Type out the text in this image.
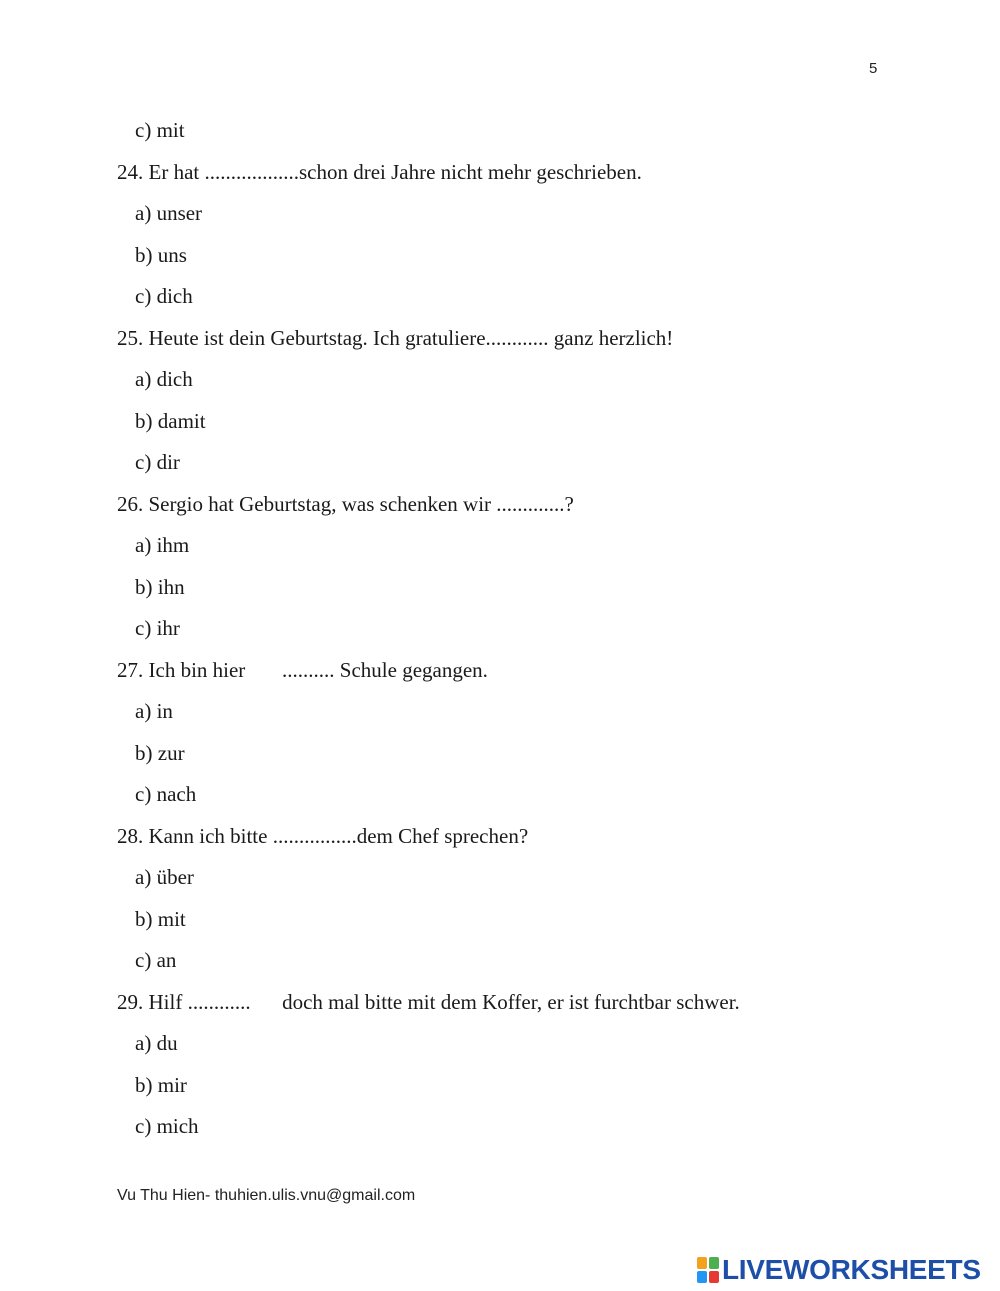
5
c) mit
24. Er hat ..................schon drei Jahre nicht mehr geschrieben.
a) unser
b) uns
c) dich
25. Heute ist dein Geburtstag. Ich gratuliere............ ganz herzlich!
a) dich
b) damit
c) dir
26. Sergio hat Geburtstag, was schenken wir .............?
a) ihm
b) ihn
c) ihr
27. Ich bin hier       .......... Schule gegangen.
a) in
b) zur
c) nach
28. Kann ich bitte ................dem Chef sprechen?
a) über
b) mit
c) an
29. Hilf ............      doch mal bitte mit dem Koffer, er ist furchtbar schwer.
a) du
b) mir
c) mich
Vu Thu Hien- thuhien.ulis.vnu@gmail.com
LIVEWORKSHEETS
